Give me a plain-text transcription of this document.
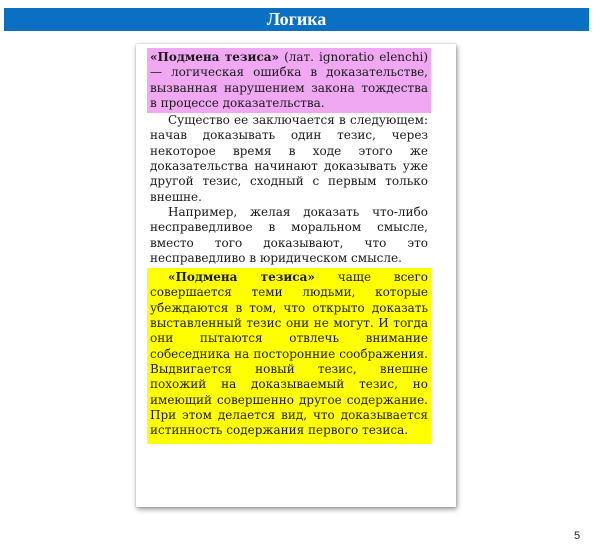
Логика

«Подмена тезиса» (лат. ignoratio elenchi) — логическая ошибка в доказательстве, вызванная нарушением закона тождества в процессе доказательства.

Существо ее заключается в следующем: начав доказывать один тезис, через некоторое время в ходе этого же доказательства начинают доказывать уже другой тезис, сходный с первым только внешне.

Например, желая доказать что-либо несправедливое в моральном смысле, вместо того доказывают, что это несправедливо в юридическом смысле.

«Подмена тезиса» чаще всего совершается теми людьми, которые убеждаются в том, что открыто доказать выставленный тезис они не могут. И тогда они пытаются отвлечь внимание собеседника на посторонние соображения. Выдвигается новый тезис, внешне похожий на доказываемый тезис, но имеющий совершенно другое содержание. При этом делается вид, что доказывается истинность содержания первого тезиса.

5
